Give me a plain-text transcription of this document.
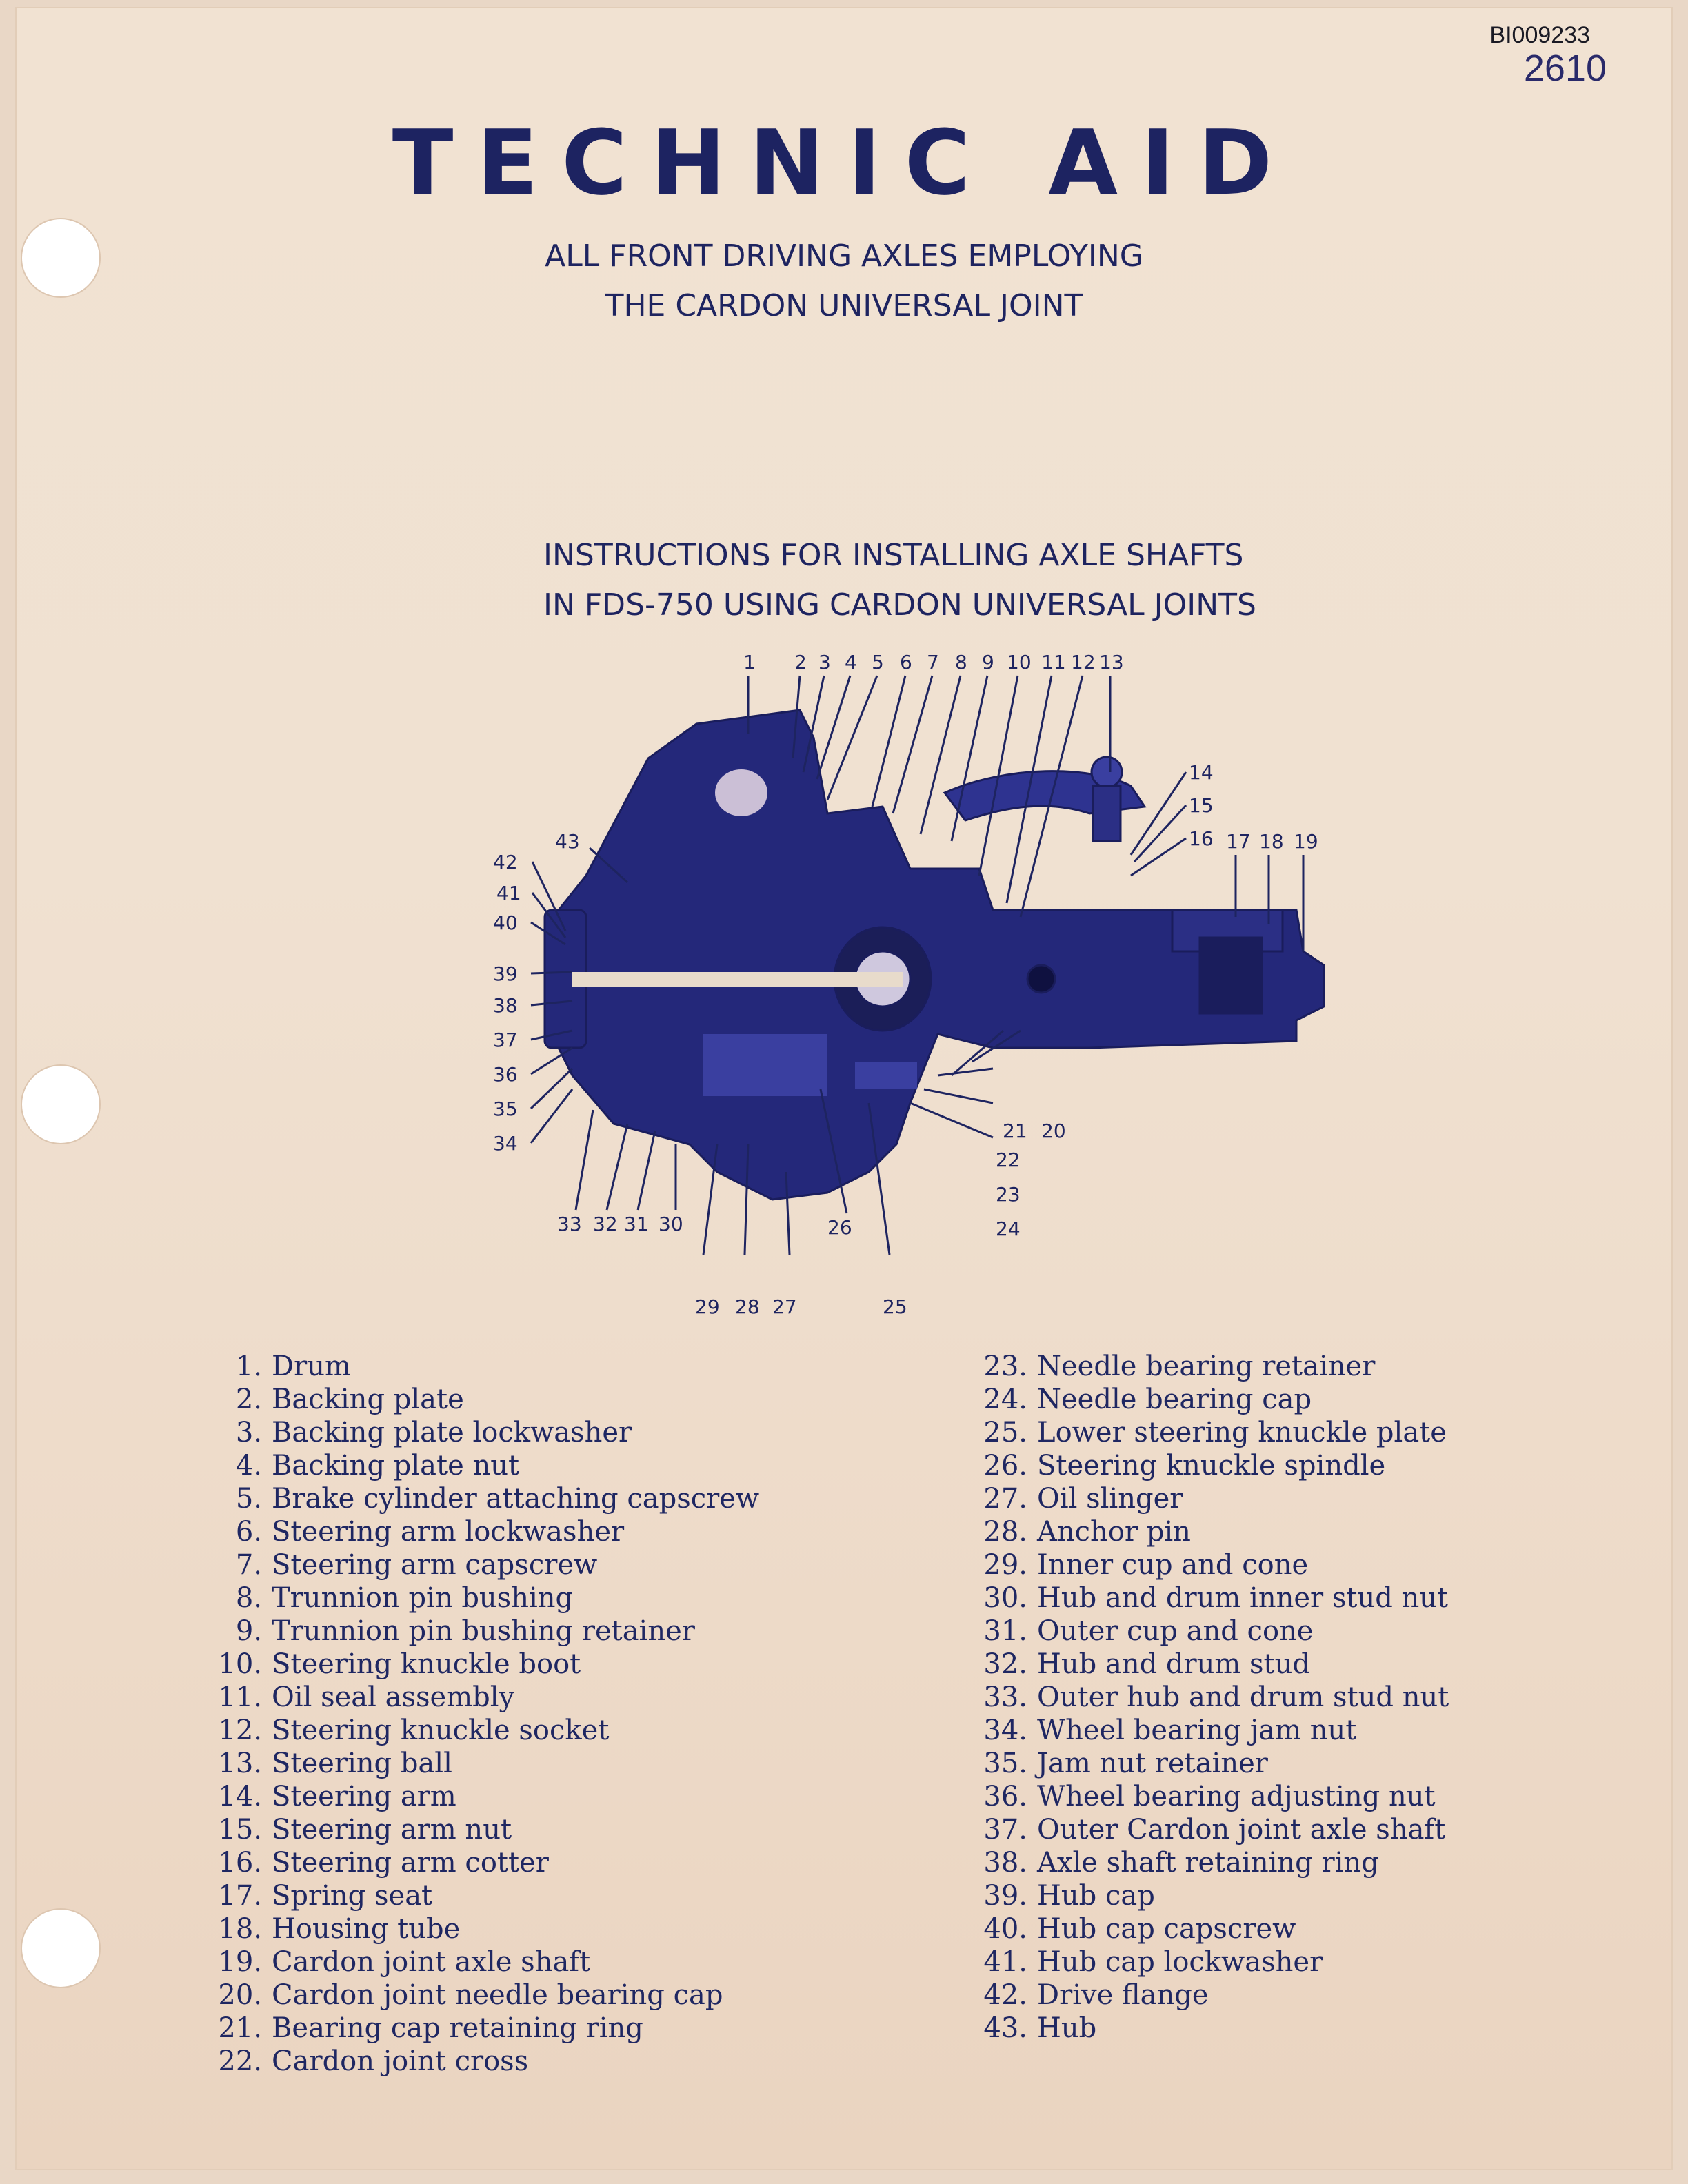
BI009233
2610
TECHNIC AID
ALL FRONT DRIVING AXLES EMPLOYING
THE CARDON UNIVERSAL JOINT
INSTRUCTIONS FOR INSTALLING AXLE SHAFTS
IN FDS-750 USING CARDON UNIVERSAL JOINTS
1 2 3 4 5 6 7 8 9 10 11 12 13
14
15
16 17 18 19
20
21
22
23
24
25
26
27
28
29
30
31
32
33
34
35
36
37
38
39
40
41
42
43
1. Drum
2. Backing plate
3. Backing plate lockwasher
4. Backing plate nut
5. Brake cylinder attaching capscrew
6. Steering arm lockwasher
7. Steering arm capscrew
8. Trunnion pin bushing
9. Trunnion pin bushing retainer
10. Steering knuckle boot
11. Oil seal assembly
12. Steering knuckle socket
13. Steering ball
14. Steering arm
15. Steering arm nut
16. Steering arm cotter
17. Spring seat
18. Housing tube
19. Cardon joint axle shaft
20. Cardon joint needle bearing cap
21. Bearing cap retaining ring
22. Cardon joint cross
23. Needle bearing retainer
24. Needle bearing cap
25. Lower steering knuckle plate
26. Steering knuckle spindle
27. Oil slinger
28. Anchor pin
29. Inner cup and cone
30. Hub and drum inner stud nut
31. Outer cup and cone
32. Hub and drum stud
33. Outer hub and drum stud nut
34. Wheel bearing jam nut
35. Jam nut retainer
36. Wheel bearing adjusting nut
37. Outer Cardon joint axle shaft
38. Axle shaft retaining ring
39. Hub cap
40. Hub cap capscrew
41. Hub cap lockwasher
42. Drive flange
43. Hub
